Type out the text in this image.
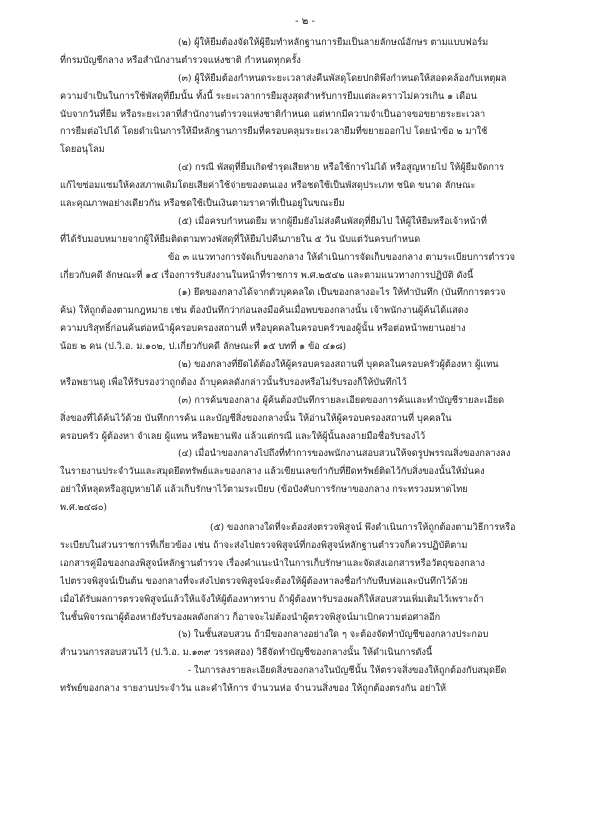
- ๒ -
(๒) ผู้ให้ยืมต้องจัดให้ผู้ยืมทำหลักฐานการยืมเป็นลายลักษณ์อักษร ตามแบบฟอร์ม
ที่กรมบัญชีกลาง หรือสำนักงานตำรวจแห่งชาติ กำหนดทุกครั้ง
(๓) ผู้ให้ยืมต้องกำหนดระยะเวลาส่งคืนพัสดุโดยปกติพึงกำหนดให้สอดคล้องกับเหตุผล
ความจำเป็นในการใช้พัสดุที่ยืมนั้น ทั้งนี้ ระยะเวลาการยืมสูงสุดสำหรับการยืมแต่ละคราวไม่ควรเกิน ๑ เดือน
นับจากวันที่ยืม หรือระยะเวลาที่สำนักงานตำรวจแห่งชาติกำหนด แต่หากมีความจำเป็นอาจขอขยายระยะเวลา
การยืมต่อไปได้ โดยดำเนินการให้มีหลักฐานการยืมที่ครอบคลุมระยะเวลายืมที่ขยายออกไป โดยนำข้อ ๒ มาใช้
โดยอนุโลม
(๔) กรณี พัสดุที่ยืมเกิดชำรุดเสียหาย หรือใช้การไม่ได้ หรือสูญหายไป ให้ผู้ยืมจัดการ
แก้ไขซ่อมแซมให้คงสภาพเดิมโดยเสียค่าใช้จ่ายของตนเอง หรือชดใช้เป็นพัสดุประเภท ชนิด ขนาด ลักษณะ
และคุณภาพอย่างเดียวกัน หรือชดใช้เป็นเงินตามราคาที่เป็นอยู่ในขณะยืม
(๕) เมื่อครบกำหนดยืม หากผู้ยืมยังไม่ส่งคืนพัสดุที่ยืมไป ให้ผู้ให้ยืมหรือเจ้าหน้าที่
ที่ได้รับมอบหมายจากผู้ให้ยืมติดตามทวงพัสดุที่ให้ยืมไปคืนภายใน ๕ วัน นับแต่วันครบกำหนด
ข้อ ๓ แนวทางการจัดเก็บของกลาง ให้ดำเนินการจัดเก็บของกลาง ตามระเบียบการตำรวจ
เกี่ยวกับคดี ลักษณะที่ ๑๕ เรื่องการรับส่งงานในหน้าที่ราชการ พ.ศ.๒๕๔๒ และตามแนวทางการปฏิบัติ ดังนี้
(๑) ยึดของกลางได้จากตัวบุคคลใด เป็นของกลางอะไร ให้ทำบันทึก (บันทึกการตรวจ
ค้น) ให้ถูกต้องตามกฎหมาย เช่น ต้องบันทึกว่าก่อนลงมือค้นเมื่อพบของกลางนั้น เจ้าพนักงานผู้ค้นได้แสดง
ความบริสุทธิ์ก่อนค้นต่อหน้าผู้ครอบครองสถานที่ หรือบุคคลในครอบครัวของผู้นั้น หรือต่อหน้าพยานอย่าง
น้อย ๒ คน (ป.วิ.อ. ม.๑๐๒, ป.เกี่ยวกับคดี ลักษณะที่ ๑๕ บทที่ ๑ ข้อ ๔๑๘)
(๒) ของกลางที่ยึดได้ต้องให้ผู้ครอบครองสถานที่ บุคคลในครอบครัวผู้ต้องหา ผู้แทน
หรือพยานดู เพื่อให้รับรองว่าถูกต้อง ถ้าบุคคลดังกล่าวนั้นรับรองหรือไม่รับรองก็ให้บันทึกไว้
(๓) การค้นของกลาง ผู้ค้นต้องบันทึกรายละเอียดของการค้นและทำบัญชีรายละเอียด
สิ่งของที่ได้ค้นไว้ด้วย บันทึกการค้น และบัญชีสิ่งของกลางนั้น ให้อ่านให้ผู้ครอบครองสถานที่ บุคคลใน
ครอบครัว ผู้ต้องหา จำเลย ผู้แทน หรือพยานฟัง แล้วแต่กรณี และให้ผู้นั้นลงลายมือชื่อรับรองไว้
(๔) เมื่อนำของกลางไปถึงที่ทำการของพนักงานสอบสวนให้จดรูปพรรณสิ่งของกลางลง
ในรายงานประจำวันและสมุดยึดทรัพย์และของกลาง แล้วเขียนเลขกำกับที่ยึดทรัพย์ติดไว้กับสิ่งของนั้นให้มั่นคง
อย่าให้หลุดหรือสูญหายได้ แล้วเก็บรักษาไว้ตามระเบียบ (ข้อบังคับการรักษาของกลาง กระทรวงมหาดไทย
พ.ศ.๒๔๘๐)
(๕) ของกลางใดที่จะต้องส่งตรวจพิสูจน์ พึงดำเนินการให้ถูกต้องตามวิธีการหรือ
ระเบียบในส่วนราชการที่เกี่ยวข้อง เช่น ถ้าจะส่งไปตรวจพิสูจน์ที่กองพิสูจน์หลักฐานตำรวจก็ควรปฏิบัติตาม
เอกสารคู่มือของกองพิสูจน์หลักฐานตำรวจ เรื่องคำแนะนำในการเก็บรักษาและจัดส่งเอกสารหรือวัตถุของกลาง
ไปตรวจพิสูจน์เป็นต้น ของกลางที่จะส่งไปตรวจพิสูจน์จะต้องให้ผู้ต้องหาลงชื่อกำกับหีบห่อและบันทึกไว้ด้วย
เมื่อได้รับผลการตรวจพิสูจน์แล้วให้แจ้งให้ผู้ต้องหาทราบ ถ้าผู้ต้องหารับรองผลก็ให้สอบสวนเพิ่มเติมไว้เพราะถ้า
ในชั้นพิจารณาผู้ต้องหายังรับรองผลดังกล่าว ก็อาจจะไม่ต้องนำผู้ตรวจพิสูจน์มาเบิกความต่อศาลอีก
(๖) ในชั้นสอบสวน ถ้ามีของกลางอย่างใด ๆ จะต้องจัดทำบัญชีของกลางประกอบ
สำนวนการสอบสวนไว้ (ป.วิ.อ. ม.๑๓๙ วรรคสอง) วิธีจัดทำบัญชีของกลางนั้น ให้ดำเนินการดังนี้
- ในการลงรายละเอียดสิ่งของกลางในบัญชีนั้น ให้ตรวจสิ่งของให้ถูกต้องกับสมุดยึด
ทรัพย์ของกลาง รายงานประจำวัน และคำให้การ จำนวนห่อ จำนวนสิ่งของ ให้ถูกต้องตรงกัน อย่าให้
